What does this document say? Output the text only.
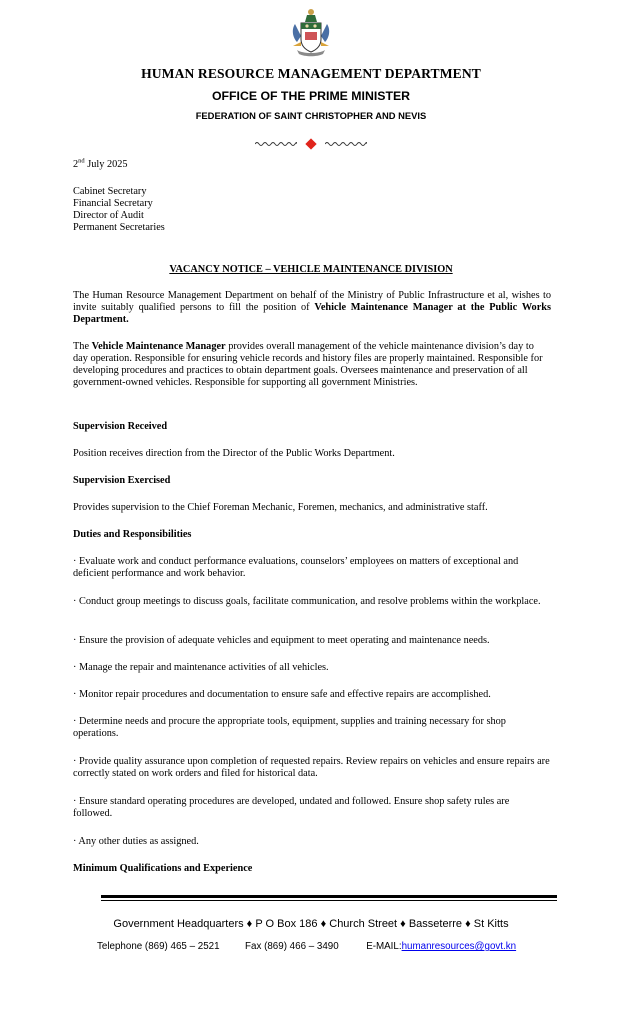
HUMAN RESOURCE MANAGEMENT DEPARTMENT
OFFICE OF THE PRIME MINISTER
FEDERATION OF SAINT CHRISTOPHER AND NEVIS
2nd July 2025
Cabinet Secretary
Financial Secretary
Director of Audit
Permanent Secretaries
VACANCY NOTICE – VEHICLE MAINTENANCE DIVISION
The Human Resource Management Department on behalf of the Ministry of Public Infrastructure et al, wishes to invite suitably qualified persons to fill the position of Vehicle Maintenance Manager at the Public Works Department.
The Vehicle Maintenance Manager provides overall management of the vehicle maintenance division’s day to day operation. Responsible for ensuring vehicle records and history files are properly maintained. Responsible for developing procedures and practices to obtain department goals. Oversees maintenance and preservation of all government-owned vehicles. Responsible for supporting all government Ministries.
Supervision Received
Position receives direction from the Director of the Public Works Department.
Supervision Exercised
Provides supervision to the Chief Foreman Mechanic, Foremen, mechanics, and administrative staff.
Duties and Responsibilities
· Evaluate work and conduct performance evaluations, counselors’ employees on matters of exceptional and deficient performance and work behavior.
· Conduct group meetings to discuss goals, facilitate communication, and resolve problems within the workplace.
· Ensure the provision of adequate vehicles and equipment to meet operating and maintenance needs.
· Manage the repair and maintenance activities of all vehicles.
· Monitor repair procedures and documentation to ensure safe and effective repairs are accomplished.
· Determine needs and procure the appropriate tools, equipment, supplies and training necessary for shop operations.
· Provide quality assurance upon completion of requested repairs. Review repairs on vehicles and ensure repairs are correctly stated on work orders and filed for historical data.
· Ensure standard operating procedures are developed, undated and followed. Ensure shop safety rules are followed.
· Any other duties as assigned.
Minimum Qualifications and Experience
Government Headquarters ♦ P O Box 186 ♦ Church Street ♦ Basseterre ♦ St Kitts
Telephone (869) 465 – 2521	Fax (869) 466 – 3490	E-MAIL:humanresources@govt.kn
